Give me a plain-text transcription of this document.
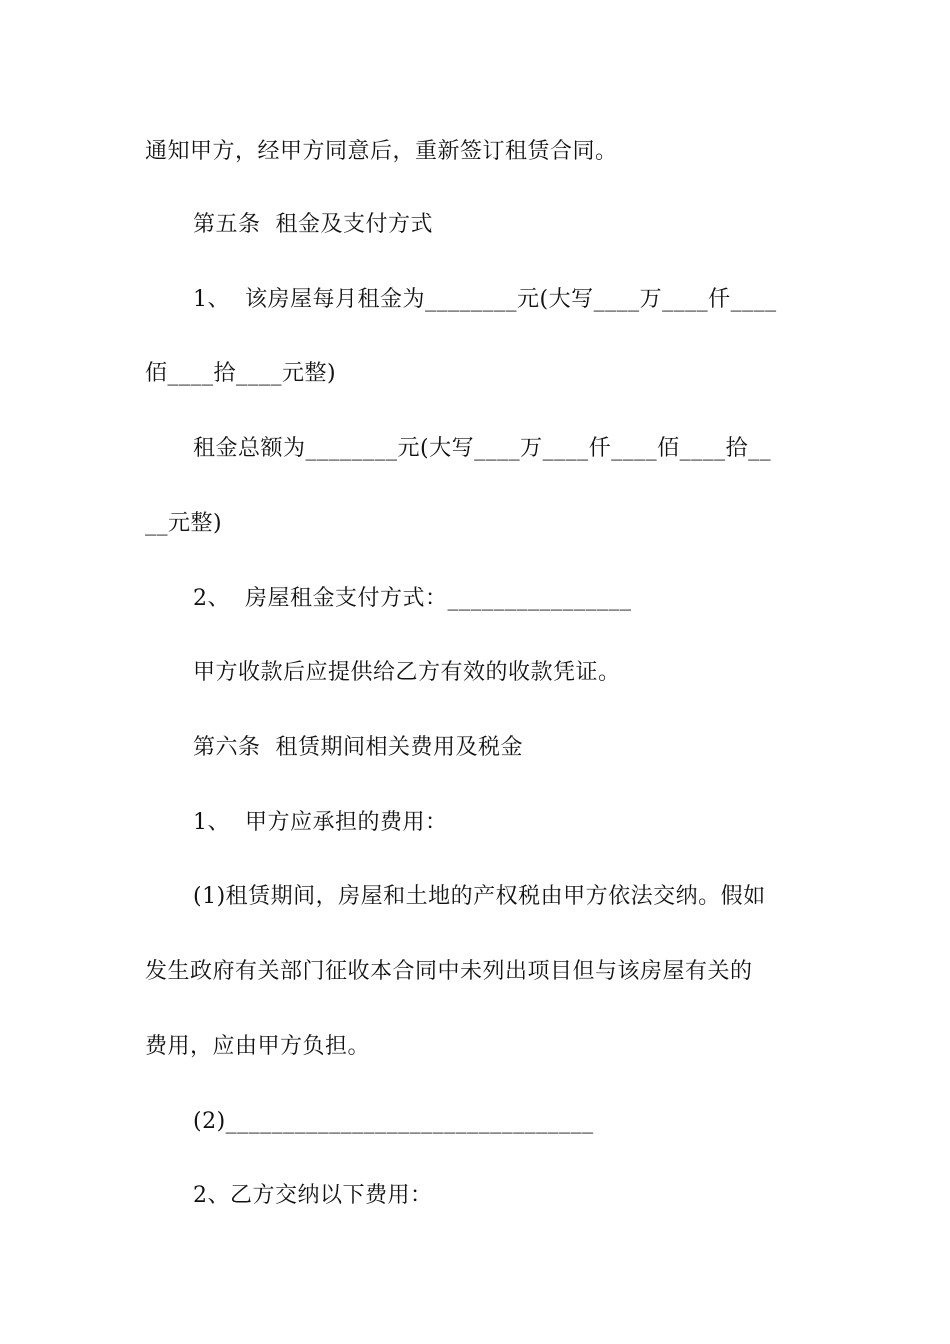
通知甲方，经甲方同意后，重新签订租赁合同。
第五条  租金及支付方式
1、  该房屋每月租金为________元(大写____万____仟____
佰____拾____元整)
租金总额为________元(大写____万____仟____佰____拾__
__元整)
2、  房屋租金支付方式：________________
甲方收款后应提供给乙方有效的收款凭证。
第六条  租赁期间相关费用及税金
1、  甲方应承担的费用：
(1)租赁期间，房屋和土地的产权税由甲方依法交纳。假如
发生政府有关部门征收本合同中未列出项目但与该房屋有关的
费用，应由甲方负担。
(2)________________________________
2、乙方交纳以下费用：
